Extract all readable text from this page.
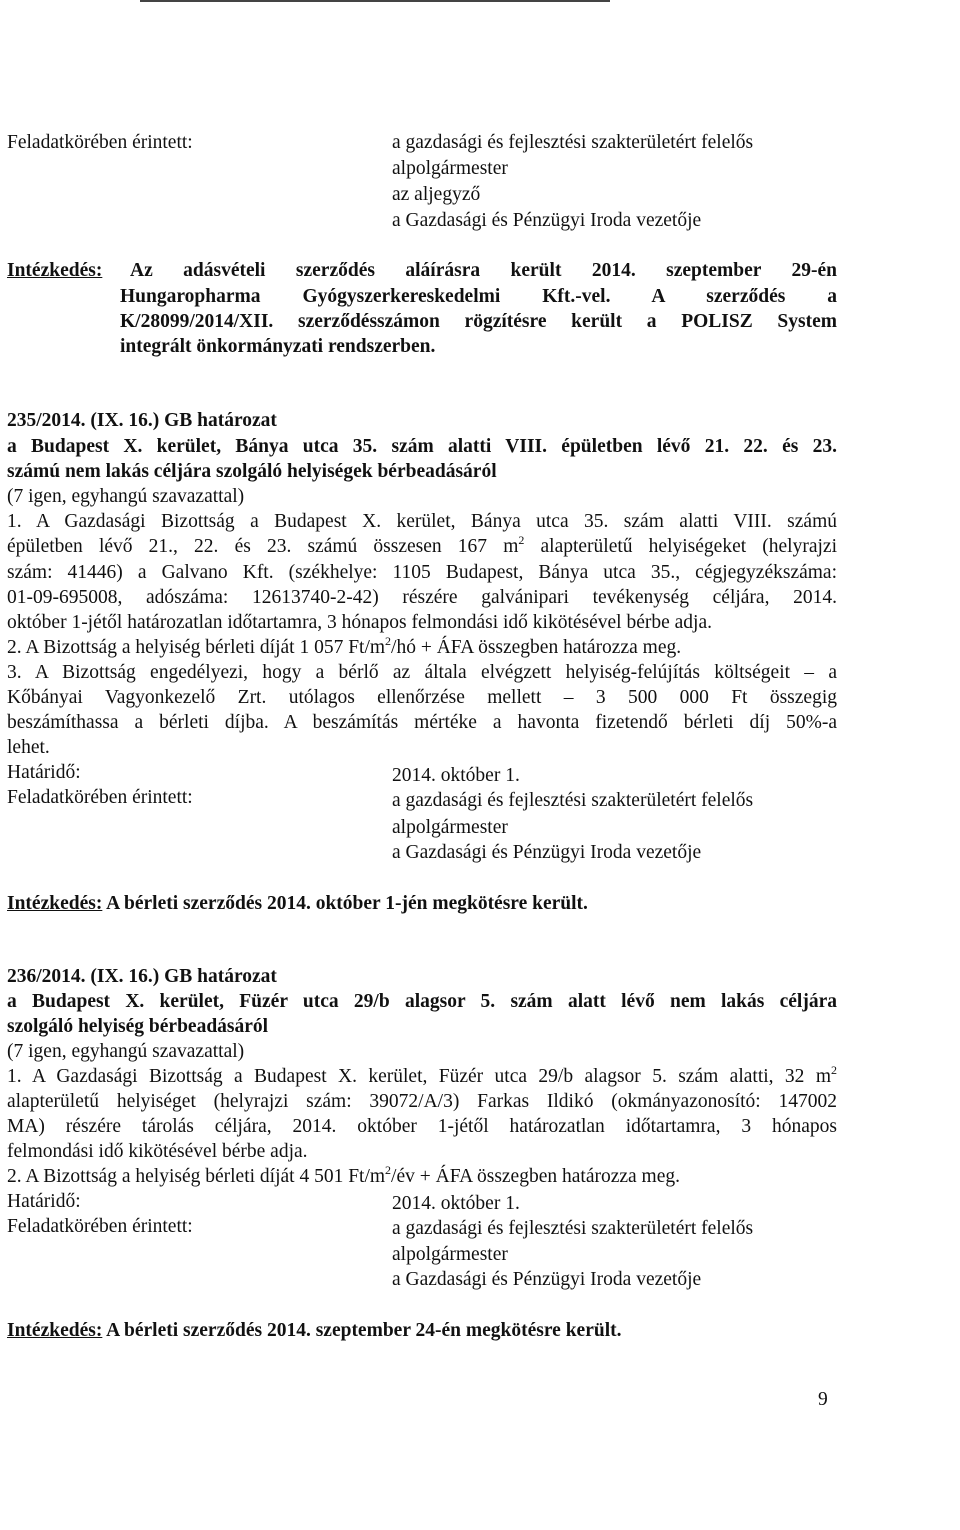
Feladatkörében érintett:	a gazdasági és fejlesztési szakterületért felelős
alpolgármester
az aljegyző
a Gazdasági és Pénzügyi Iroda vezetője
Intézkedés: Az adásvételi szerződés aláírásra került 2014. szeptember 29-én
Hungaropharma Gyógyszerkereskedelmi Kft.-vel. A szerződés a
K/28099/2014/XII. szerződésszámon rögzítésre került a POLISZ System
integrált önkormányzati rendszerben.
235/2014. (IX. 16.) GB határozat
a Budapest X. kerület, Bánya utca 35. szám alatti VIII. épületben lévő 21. 22. és 23.
számú nem lakás céljára szolgáló helyiségek bérbeadásáról
(7 igen, egyhangú szavazattal)
1. A Gazdasági Bizottság a Budapest X. kerület, Bánya utca 35. szám alatti VIII. számú
épületben lévő 21., 22. és 23. számú összesen 167 $m^2$ alapterületű helyiségeket (helyrajzi
szám: 41446) a Galvano Kft. (székhelye: 1105 Budapest, Bánya utca 35., cégjegyzékszáma:
01-09-695008, adószáma: 12613740-2-42) részére galvánipari tevékenység céljára, 2014.
október 1-jétől határozatlan időtartamra, 3 hónapos felmondási idő kikötésével bérbe adja.
2. A Bizottság a helyiség bérleti díját 1 057 $Ft/m^2/hó$ + ÁFA összegben határozza meg.
3. A Bizottság engedélyezi, hogy a bérlő az általa elvégzett helyiség-felújítás költségeit – a
Kőbányai Vagyonkezelő Zrt. utólagos ellenőrzése mellett – 3 500 000 Ft összegig
beszámíthassa a bérleti díjba. A beszámítás mértéke a havonta fizetendő bérleti díj 50%-a
lehet.
Határidő:	2014. október 1.
Feladatkörében érintett:	a gazdasági és fejlesztési szakterületért felelős
alpolgármester
a Gazdasági és Pénzügyi Iroda vezetője
Intézkedés: A bérleti szerződés 2014. október 1-jén megkötésre került.
236/2014. (IX. 16.) GB határozat
a Budapest X. kerület, Füzér utca 29/b alagsor 5. szám alatt lévő nem lakás céljára
szolgáló helyiség bérbeadásáról
(7 igen, egyhangú szavazattal)
1. A Gazdasági Bizottság a Budapest X. kerület, Füzér utca 29/b alagsor 5. szám alatti, 32 $m^2$
alapterületű helyiséget (helyrajzi szám: 39072/A/3) Farkas Ildikó (okmányazonosító: 147002
MA) részére tárolás céljára, 2014. október 1-jétől határozatlan időtartamra, 3 hónapos
felmondási idő kikötésével bérbe adja.
2. A Bizottság a helyiség bérleti díját 4 501 $Ft/m^2/év$ + ÁFA összegben határozza meg.
Határidő:	2014. október 1.
Feladatkörében érintett:	a gazdasági és fejlesztési szakterületért felelős
alpolgármester
a Gazdasági és Pénzügyi Iroda vezetője
Intézkedés: A bérleti szerződés 2014. szeptember 24-én megkötésre került.
9
